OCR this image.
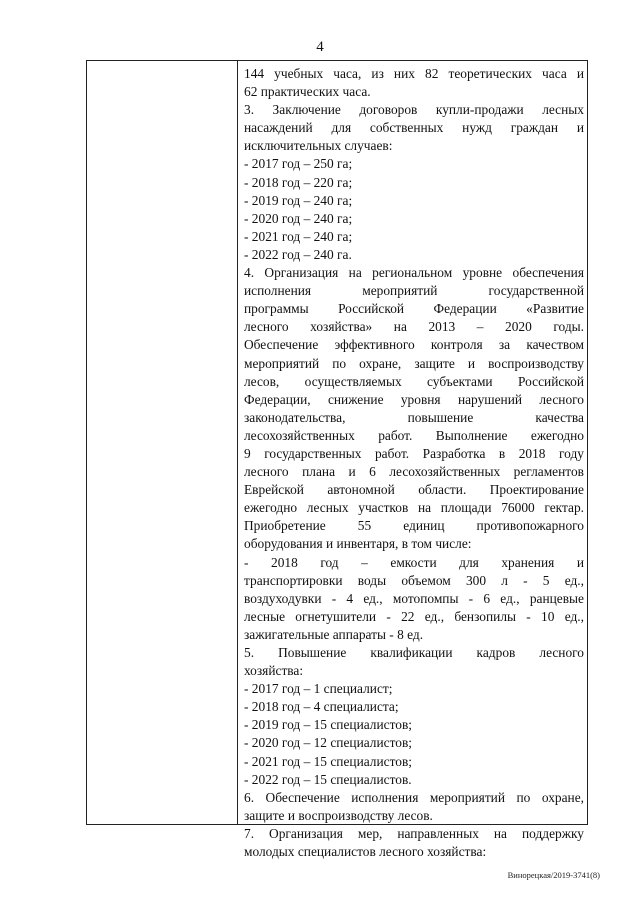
4
144 учебных часа, из них 82 теоретических часа и
62 практических часа.
3. Заключение договоров купли-продажи лесных
насаждений для собственных нужд граждан и
исключительных случаев:
- 2017 год – 250 га;
- 2018 год – 220 га;
- 2019 год – 240 га;
- 2020 год – 240 га;
- 2021 год – 240 га;
- 2022 год – 240 га.
4. Организация на региональном уровне обеспечения
исполнения мероприятий государственной
программы Российской Федерации «Развитие
лесного хозяйства» на 2013 – 2020 годы.
Обеспечение эффективного контроля за качеством
мероприятий по охране, защите и воспроизводству
лесов, осуществляемых субъектами Российской
Федерации, снижение уровня нарушений лесного
законодательства, повышение качества
лесохозяйственных работ. Выполнение ежегодно
9 государственных работ. Разработка в 2018 году
лесного плана и 6 лесохозяйственных регламентов
Еврейской автономной области. Проектирование
ежегодно лесных участков на площади 76000 гектар.
Приобретение 55 единиц противопожарного
оборудования и инвентаря, в том числе:
- 2018 год – емкости для хранения и
транспортировки воды объемом 300 л - 5 ед.,
воздуходувки - 4 ед., мотопомпы - 6 ед., ранцевые
лесные огнетушители - 22 ед., бензопилы - 10 ед.,
зажигательные аппараты - 8 ед.
5. Повышение квалификации кадров лесного
хозяйства:
- 2017 год – 1 специалист;
- 2018 год – 4 специалиста;
- 2019 год – 15 специалистов;
- 2020 год – 12 специалистов;
- 2021 год – 15 специалистов;
- 2022 год – 15 специалистов.
6. Обеспечение исполнения мероприятий по охране,
защите и воспроизводству лесов.
7. Организация мер, направленных на поддержку
молодых специалистов лесного хозяйства:
Винорецкая/2019-3741(8)
